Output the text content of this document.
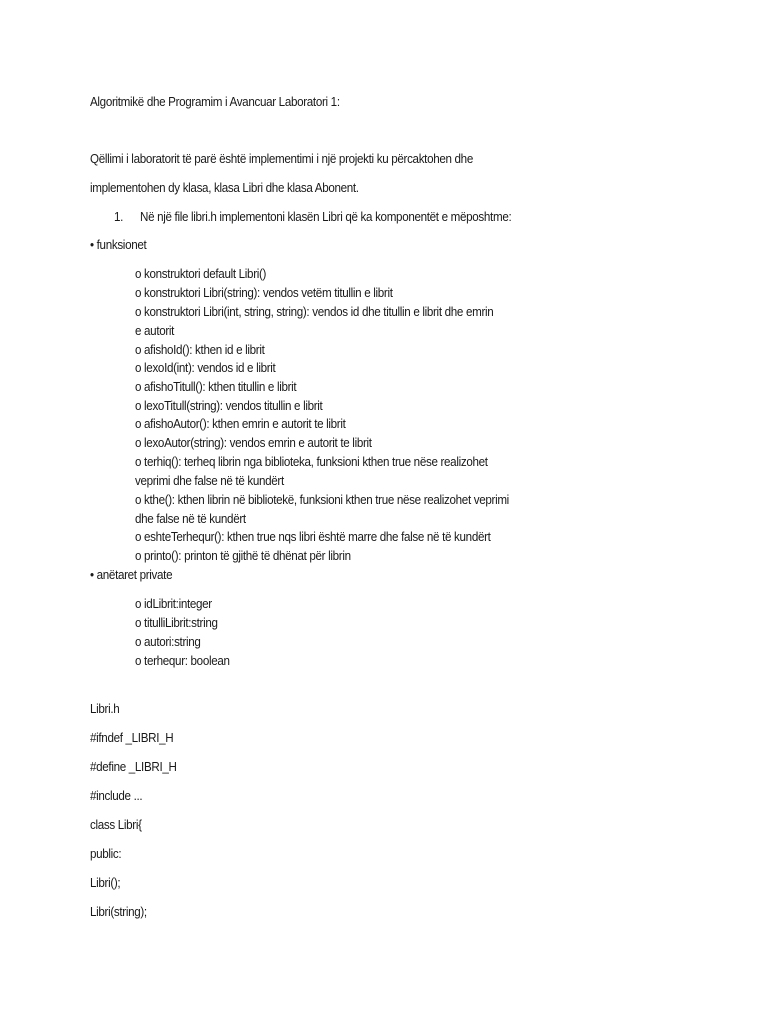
Algoritmikë dhe Programim i Avancuar Laboratori 1:
Qëllimi i laboratorit të parë është implementimi i një projekti ku përcaktohen dhe
implementohen dy klasa, klasa Libri dhe klasa Abonent.
1. Në një file libri.h implementoni klasën Libri që ka komponentët e mëposhtme:
• funksionet
o konstruktori default Libri()
o konstruktori Libri(string): vendos vetëm titullin e librit
o konstruktori Libri(int, string, string): vendos id dhe titullin e librit dhe emrin
e autorit
o afishoId(): kthen id e librit
o lexoId(int): vendos id e librit
o afishoTitull(): kthen titullin e librit
o lexoTitull(string): vendos titullin e librit
o afishoAutor(): kthen emrin e autorit te librit
o lexoAutor(string): vendos emrin e autorit te librit
o terhiq(): terheq librin nga biblioteka, funksioni kthen true nëse realizohet
veprimi dhe false në të kundërt
o kthe(): kthen librin në bibliotekë, funksioni kthen true nëse realizohet veprimi
dhe false në të kundërt
o eshteTerhequr(): kthen true nqs libri është marre dhe false në të kundërt
o printo(): printon të gjithë të dhënat për librin
• anëtaret private
o idLibrit:integer
o titulliLibrit:string
o autori:string
o terhequr: boolean
Libri.h
#ifndef _LIBRI_H
#define _LIBRI_H
#include ...
class Libri{
public:
Libri();
Libri(string);
